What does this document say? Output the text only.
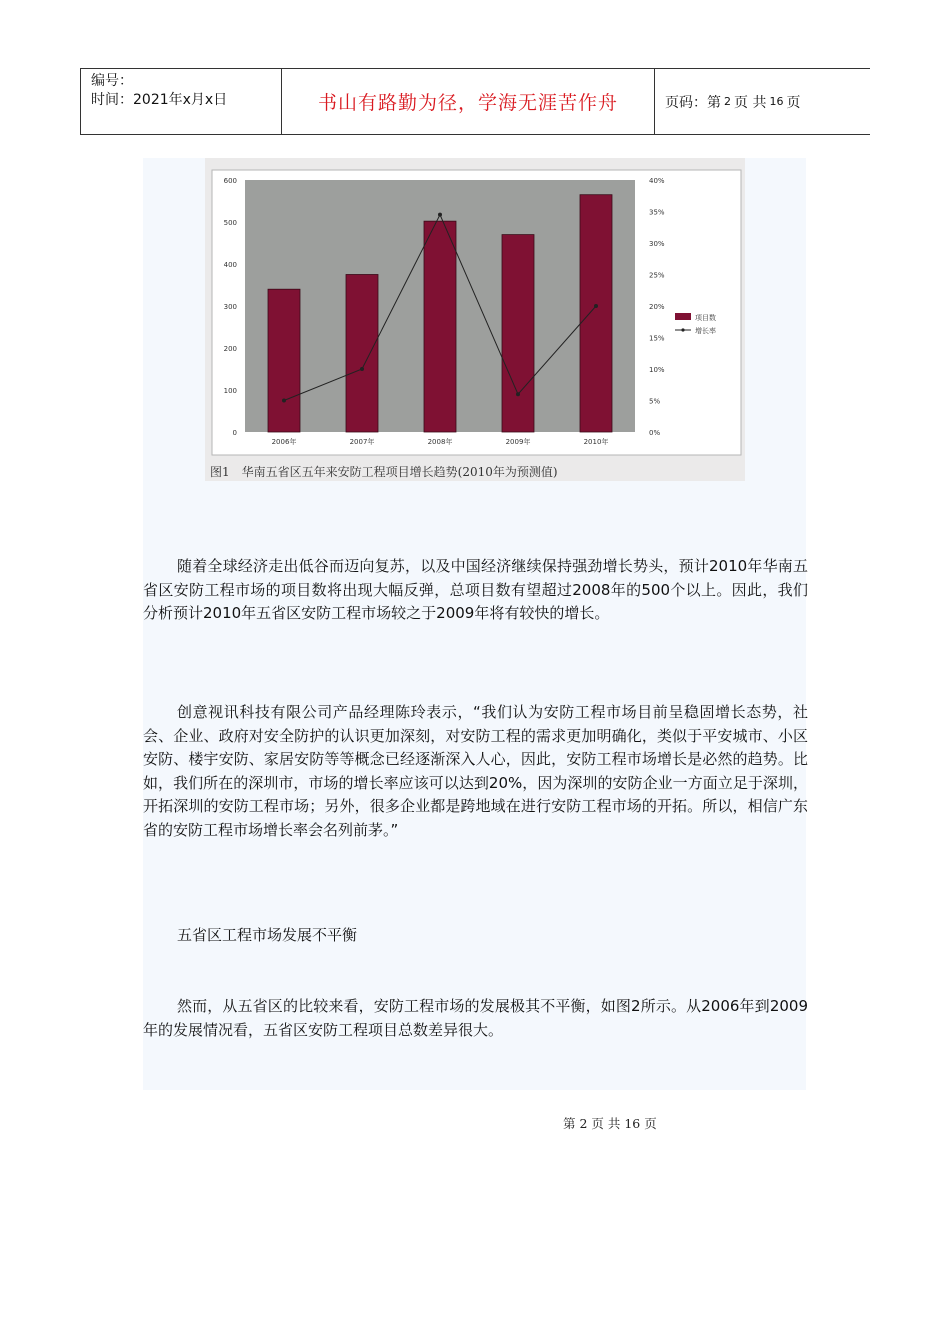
编号：
时间：2021年x月x日	书山有路勤为径，学海无涯苦作舟	页码：第 2 页 共 16 页
0
100
200
300
400
500
600
0%
5%
10%
15%
20%
25%
30%
35%
40%
2006年	2007年	2008年	2009年	2010年
项目数
增长率
图1 华南五省区五年来安防工程项目增长趋势(2010年为预测值)

随着全球经济走出低谷而迈向复苏，以及中国经济继续保持强劲增长势头，预计2010年华南五省区安防工程市场的项目数将出现大幅反弹，总项目数有望超过2008年的500个以上。因此，我们分析预计2010年五省区安防工程市场较之于2009年将有较快的增长。

创意视讯科技有限公司产品经理陈玲表示，“我们认为安防工程市场目前呈稳固增长态势，社会、企业、政府对安全防护的认识更加深刻，对安防工程的需求更加明确化，类似于平安城市、小区安防、楼宇安防、家居安防等等概念已经逐渐深入人心，因此，安防工程市场增长是必然的趋势。比如，我们所在的深圳市，市场的增长率应该可以达到20%，因为深圳的安防企业一方面立足于深圳，开拓深圳的安防工程市场；另外，很多企业都是跨地域在进行安防工程市场的开拓。所以，相信广东省的安防工程市场增长率会名列前茅。”

五省区工程市场发展不平衡

然而，从五省区的比较来看，安防工程市场的发展极其不平衡，如图2所示。从2006年到2009年的发展情况看，五省区安防工程项目总数差异很大。

第 2 页 共 16 页
